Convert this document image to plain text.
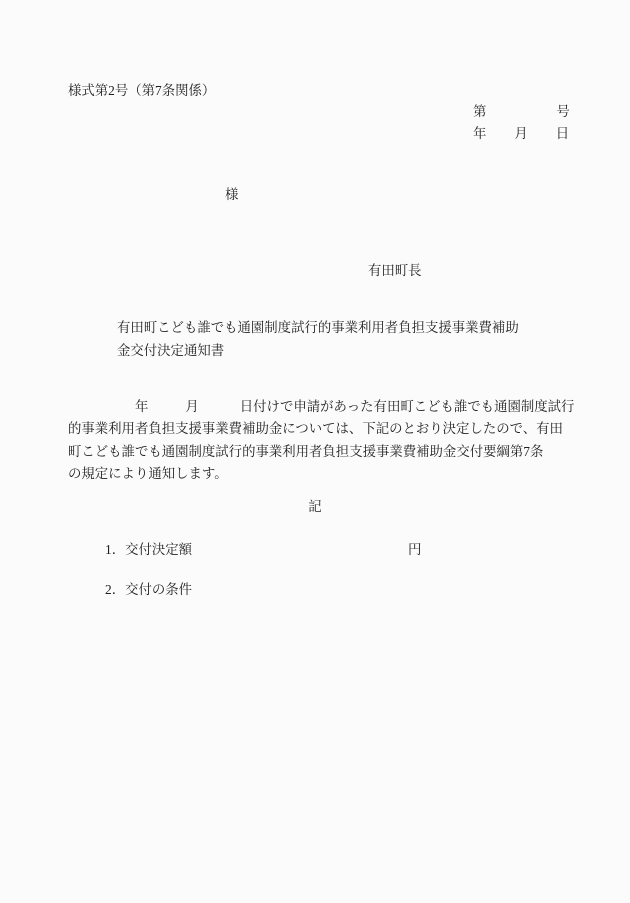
様式第2号（第7条関係）
第	号
年 月 日
様
有田町長
有田町こども誰でも通園制度試行的事業利用者負担支援事業費補助
金交付決定通知書
年	月	日付けで申請があった有田町こども誰でも通園制度試行
的事業利用者負担支援事業費補助金については、下記のとおり決定したので、有田
町こども誰でも通園制度試行的事業利用者負担支援事業費補助金交付要綱第7条
の規定により通知します。
記
1．交付決定額	円
2．交付の条件
